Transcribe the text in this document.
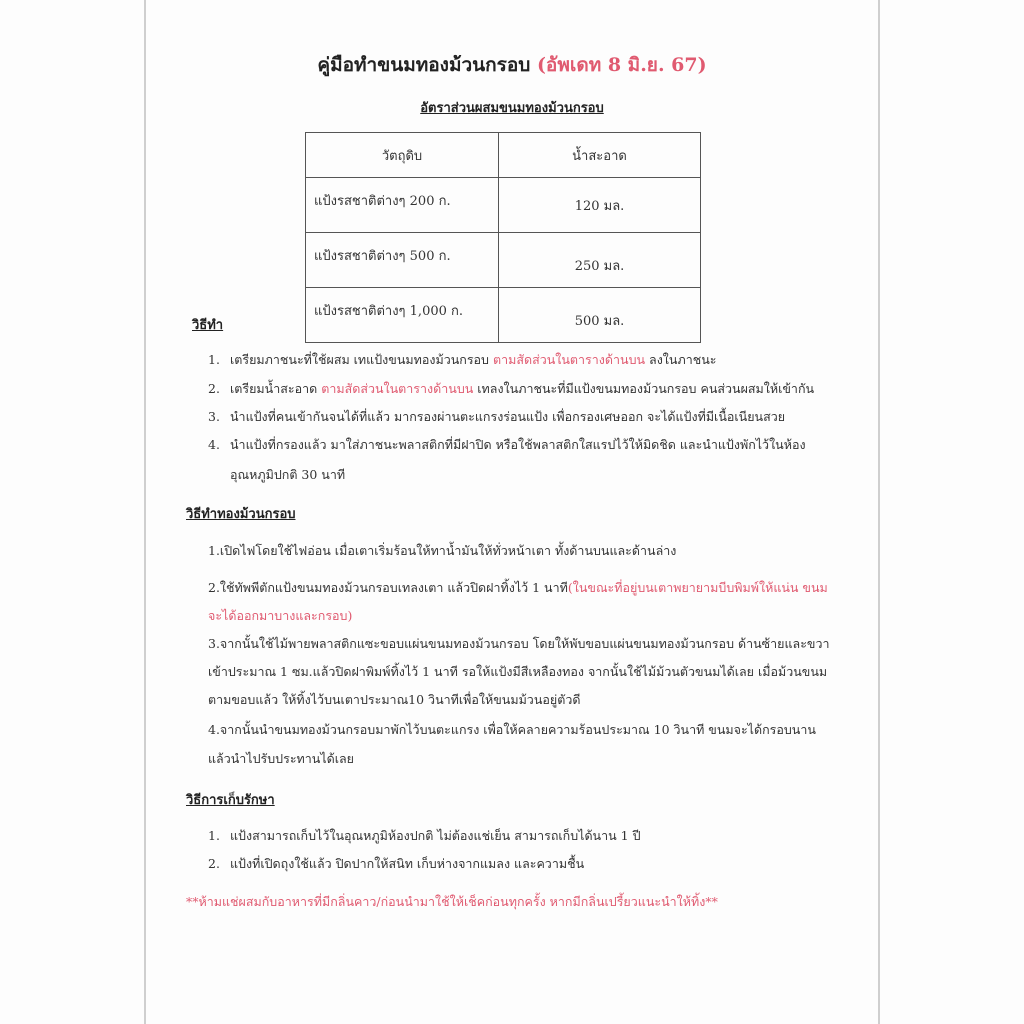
คู่มือทำขนมทองม้วนกรอบ (อัพเดท 8 มิ.ย. 67)
อัตราส่วนผสมขนมทองม้วนกรอบ
วัตถุดิบ	น้ำสะอาด
แป้งรสชาติต่างๆ 200 ก.	120 มล.
แป้งรสชาติต่างๆ 500 ก.	250 มล.
แป้งรสชาติต่างๆ 1,000 ก.	500 มล.
วิธีทำ
1. เตรียมภาชนะที่ใช้ผสม เทแป้งขนมทองม้วนกรอบ ตามสัดส่วนในตารางด้านบน ลงในภาชนะ
2. เตรียมน้ำสะอาด ตามสัดส่วนในตารางด้านบน เทลงในภาชนะที่มีแป้งขนมทองม้วนกรอบ คนส่วนผสมให้เข้ากัน
3. นำแป้งที่คนเข้ากันจนได้ที่แล้ว มากรองผ่านตะแกรงร่อนแป้ง เพื่อกรองเศษออก จะได้แป้งที่มีเนื้อเนียนสวย
4. นำแป้งที่กรองแล้ว มาใส่ภาชนะพลาสติกที่มีฝาปิด หรือใช้พลาสติกใสแรปไว้ให้มิดชิด และนำแป้งพักไว้ในห้อง
อุณหภูมิปกติ 30 นาที
วิธีทำทองม้วนกรอบ
1.เปิดไฟโดยใช้ไฟอ่อน เมื่อเตาเริ่มร้อนให้ทาน้ำมันให้ทั่วหน้าเตา ทั้งด้านบนและด้านล่าง
2.ใช้ทัพพีตักแป้งขนมทองม้วนกรอบเทลงเตา แล้วปิดฝาทิ้งไว้ 1 นาที(ในขณะที่อยู่บนเตาพยายามบีบพิมพ์ให้แน่น ขนม
จะได้ออกมาบางและกรอบ)
3.จากนั้นใช้ไม้พายพลาสติกแซะขอบแผ่นขนมทองม้วนกรอบ โดยให้พับขอบแผ่นขนมทองม้วนกรอบ ด้านซ้ายและขวา
เข้าประมาณ 1 ซม.แล้วปิดฝาพิมพ์ทิ้งไว้ 1 นาที รอให้แป้งมีสีเหลืองทอง จากนั้นใช้ไม้ม้วนตัวขนมได้เลย เมื่อม้วนขนม
ตามขอบแล้ว ให้ทิ้งไว้บนเตาประมาณ10 วินาทีเพื่อให้ขนมม้วนอยู่ตัวดี
4.จากนั้นนำขนมทองม้วนกรอบมาพักไว้บนตะแกรง เพื่อให้คลายความร้อนประมาณ 10 วินาที ขนมจะได้กรอบนาน
แล้วนำไปรับประทานได้เลย
วิธีการเก็บรักษา
1. แป้งสามารถเก็บไว้ในอุณหภูมิห้องปกติ ไม่ต้องแช่เย็น สามารถเก็บได้นาน 1 ปี
2. แป้งที่เปิดถุงใช้แล้ว ปิดปากให้สนิท เก็บห่างจากแมลง และความชื้น
**ห้ามแช่ผสมกับอาหารที่มีกลิ่นคาว/ก่อนนำมาใช้ให้เช็คก่อนทุกครั้ง หากมีกลิ่นเปรี้ยวแนะนำให้ทิ้ง**
